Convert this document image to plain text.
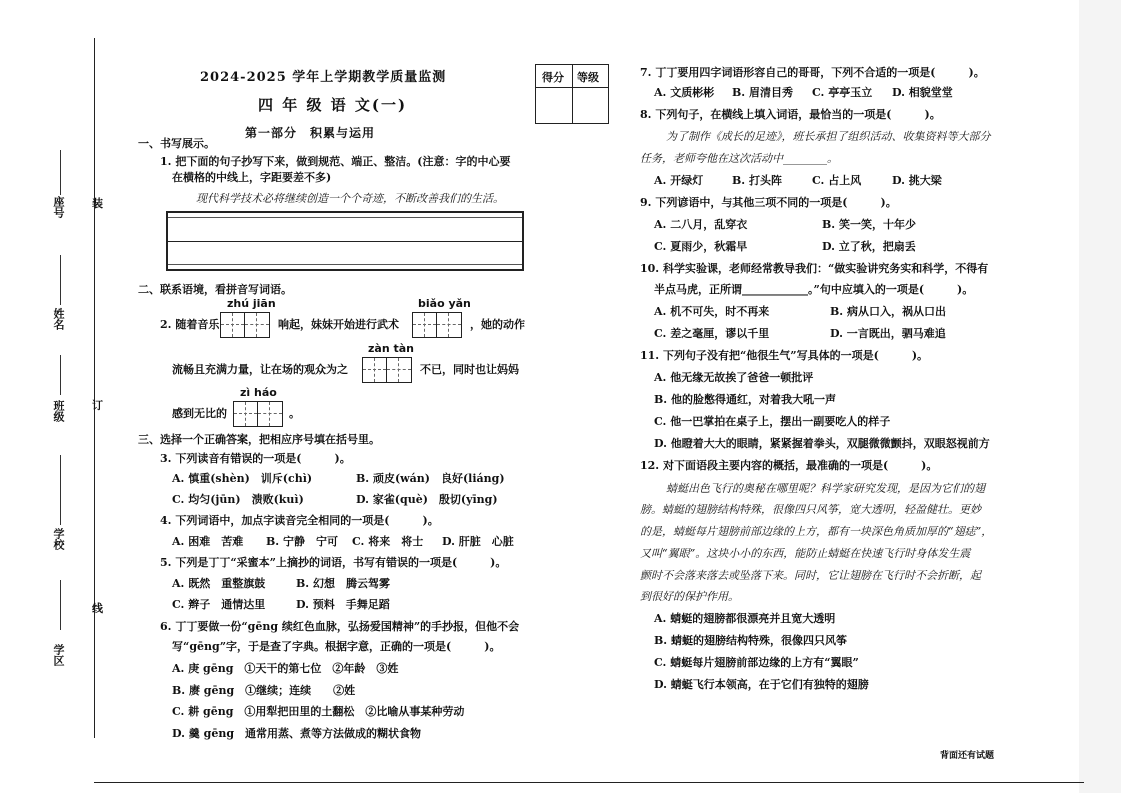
座号
姓名
班级
学校
学区
装
订
线
2024-2025 学年上学期教学质量监测
四 年 级 语 文(一)
第一部分　积累与运用
得分 等级
一、书写展示。
1. 把下面的句子抄写下来，做到规范、端正、整洁。(注意：字的中心要
在横格的中线上，字距要差不多)
现代科学技术必将继续创造一个个奇迹，不断改善我们的生活。
二、联系语境，看拼音写词语。
zhú jiān	biǎo yǎn
2. 随着音乐	响起，妹妹开始进行武术	，她的动作
zàn tàn
流畅且充满力量，让在场的观众为之	不已，同时也让妈妈
zì háo
感到无比的	。
三、选择一个正确答案，把相应序号填在括号里。
3. 下列读音有错误的一项是(　　　)。
A. 慎重(shèn)　训斥(chì)	B. 顽皮(wán)　良好(liáng)
C. 均匀(jūn)　溃败(kuì)	D. 家雀(què)　殷切(yīng)
4. 下列词语中，加点字读音完全相同的一项是(　　　)。
A. 困难　苦难 B. 宁静　宁可 C. 将来　将士 D. 肝脏　心脏
5. 下列是丁丁“采蜜本”上摘抄的词语，书写有错误的一项是(　　　)。
A. 既然　重整旗鼓	B. 幻想　腾云驾雾
C. 辫子　通情达里	D. 预料　手舞足蹈
6. 丁丁要做一份“gēng 续红色血脉，弘扬爱国精神”的手抄报，但他不会
写“gēng”字，于是查了字典。根据字意，正确的一项是(　　　)。
A. 庚 gēng　①天干的第七位　②年龄　③姓
B. 赓 gēng　①继续；连续　　②姓
C. 耕 gēng　①用犁把田里的土翻松　②比喻从事某种劳动
D. 羹 gēng　通常用蒸、煮等方法做成的糊状食物
7. 丁丁要用四字词语形容自己的哥哥，下列不合适的一项是(　　　)。
A. 文质彬彬 B. 眉清目秀 C. 亭亭玉立 D. 相貌堂堂
8. 下列句子，在横线上填入词语，最恰当的一项是(　　　)。
为了制作《成长的足迹》，班长承担了组织活动、收集资料等大部分
任务，老师夸他在这次活动中________。
A. 开绿灯	B. 打头阵	C. 占上风	D. 挑大梁
9. 下列谚语中，与其他三项不同的一项是(　　　)。
A. 二八月，乱穿衣	B. 笑一笑，十年少
C. 夏雨少，秋霜早	D. 立了秋，把扇丢
10. 科学实验课，老师经常教导我们：“做实验讲究务实和科学，不得有
半点马虎，正所谓____________。”句中应填入的一项是(　　　)。
A. 机不可失，时不再来	B. 病从口入，祸从口出
C. 差之毫厘，谬以千里	D. 一言既出，驷马难追
11. 下列句子没有把“他很生气”写具体的一项是(　　　)。
A. 他无缘无故挨了爸爸一顿批评
B. 他的脸憋得通红，对着我大吼一声
C. 他一巴掌拍在桌子上，摆出一副要吃人的样子
D. 他瞪着大大的眼睛，紧紧握着拳头，双腿微微颤抖，双眼怒视前方
12. 对下面语段主要内容的概括，最准确的一项是(　　　)。
蜻蜓出色飞行的奥秘在哪里呢？科学家研究发现，是因为它们的翅
膀。蜻蜓的翅膀结构特殊，很像四只风筝，宽大透明，轻盈健壮。更妙
的是，蜻蜓每片翅膀前部边缘的上方，都有一块深色角质加厚的“翅痣”，
又叫“翼眼”。这块小小的东西，能防止蜻蜓在快速飞行时身体发生震
颤时不会落来落去或坠落下来。同时，它让翅膀在飞行时不会折断，起
到很好的保护作用。
A. 蜻蜓的翅膀都很漂亮并且宽大透明
B. 蜻蜓的翅膀结构特殊，很像四只风筝
C. 蜻蜓每片翅膀前部边缘的上方有“翼眼”
D. 蜻蜓飞行本领高，在于它们有独特的翅膀
背面还有试题
